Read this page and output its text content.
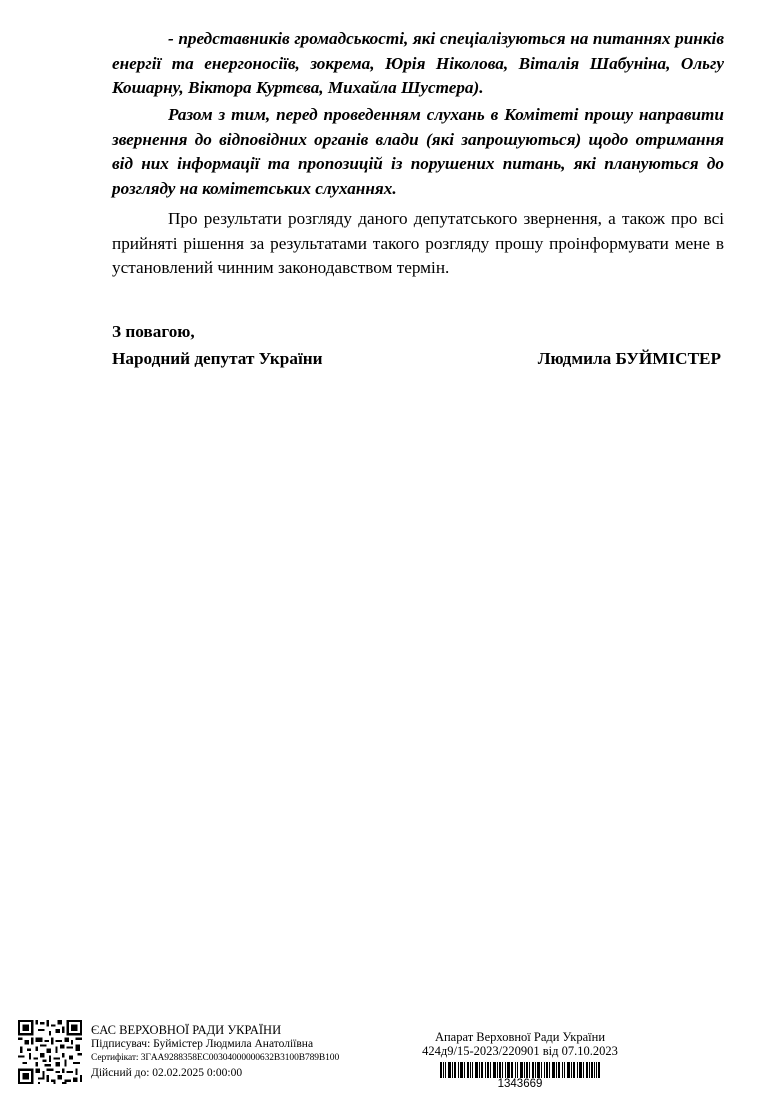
- представників громадськості, які спеціалізуються на питаннях ринків енергії та енергоносіїв, зокрема, Юрія Ніколова, Віталія Шабуніна, Ольгу Кошарну, Віктора Куртєва, Михайла Шустера).

Разом з тим, перед проведенням слухань в Комітеті прошу направити звернення до відповідних органів влади (які запрошуються) щодо отримання від них інформації та пропозицій із порушених питань, які плануються до розгляду на комітетських слуханнях.

Про результати розгляду даного депутатського звернення, а також про всі прийняті рішення за результатами такого розгляду прошу проінформувати мене в установлений чинним законодавством термін.

З повагою,
Народний депутат України	Людмила БУЙМІСТЕР
ЄАС ВЕРХОВНОЇ РАДИ УКРАЇНИ
Підписувач: Буймістер Людмила Анатоліївна
Сертифікат: 3ГAA9288358EC00304000000632B3100B789B100
Дійсний до: 02.02.2025 0:00:00
Апарат Верховної Ради України
424д9/15-2023/220901 від 07.10.2023
1343669
